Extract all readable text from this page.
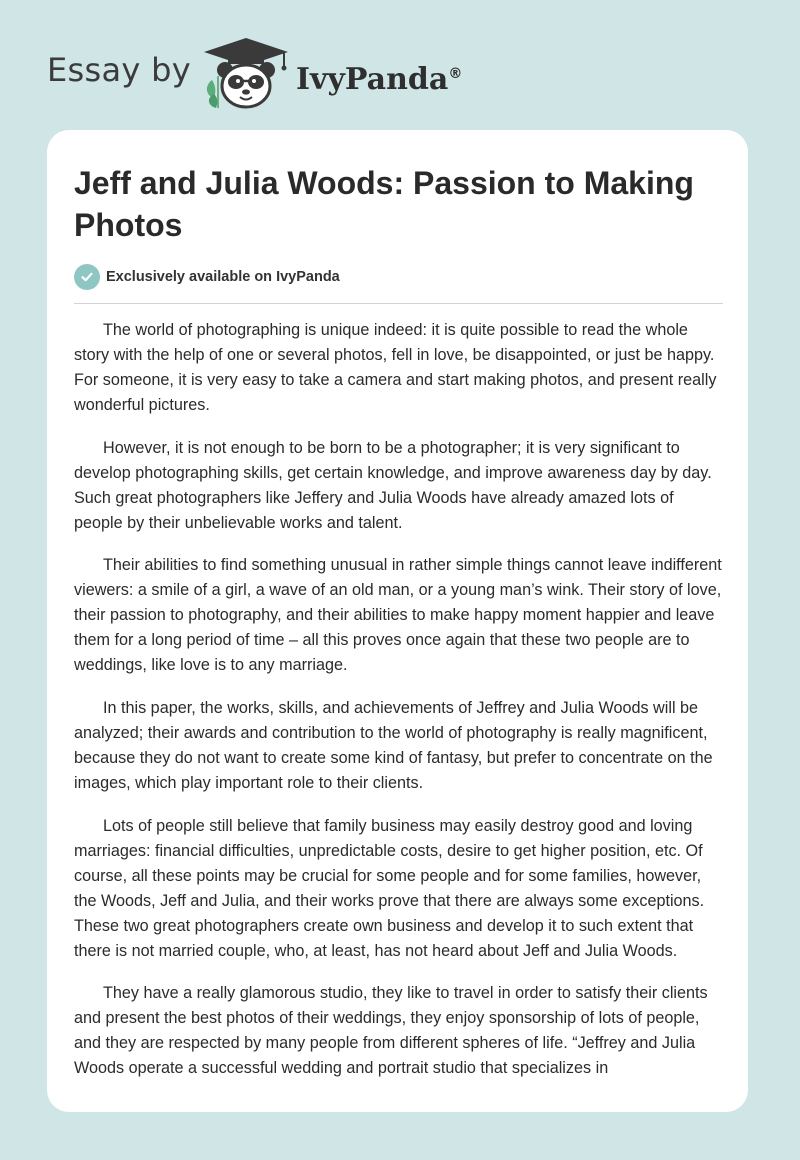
Essay by	IvyPanda®
Jeff and Julia Woods: Passion to Making Photos
Exclusively available on IvyPanda

The world of photographing is unique indeed: it is quite possible to read the whole story with the help of one or several photos, fell in love, be disappointed, or just be happy. For someone, it is very easy to take a camera and start making photos, and present really wonderful pictures.

However, it is not enough to be born to be a photographer; it is very significant to develop photographing skills, get certain knowledge, and improve awareness day by day. Such great photographers like Jeffery and Julia Woods have already amazed lots of people by their unbelievable works and talent.

Their abilities to find something unusual in rather simple things cannot leave indifferent viewers: a smile of a girl, a wave of an old man, or a young man’s wink. Their story of love, their passion to photography, and their abilities to make happy moment happier and leave them for a long period of time – all this proves once again that these two people are to weddings, like love is to any marriage.

In this paper, the works, skills, and achievements of Jeffrey and Julia Woods will be analyzed; their awards and contribution to the world of photography is really magnificent, because they do not want to create some kind of fantasy, but prefer to concentrate on the images, which play important role to their clients.

Lots of people still believe that family business may easily destroy good and loving marriages: financial difficulties, unpredictable costs, desire to get higher position, etc. Of course, all these points may be crucial for some people and for some families, however, the Woods, Jeff and Julia, and their works prove that there are always some exceptions. These two great photographers create own business and develop it to such extent that there is not married couple, who, at least, has not heard about Jeff and Julia Woods.

They have a really glamorous studio, they like to travel in order to satisfy their clients and present the best photos of their weddings, they enjoy sponsorship of lots of people, and they are respected by many people from different spheres of life. “Jeffrey and Julia Woods operate a successful wedding and portrait studio that specializes in
